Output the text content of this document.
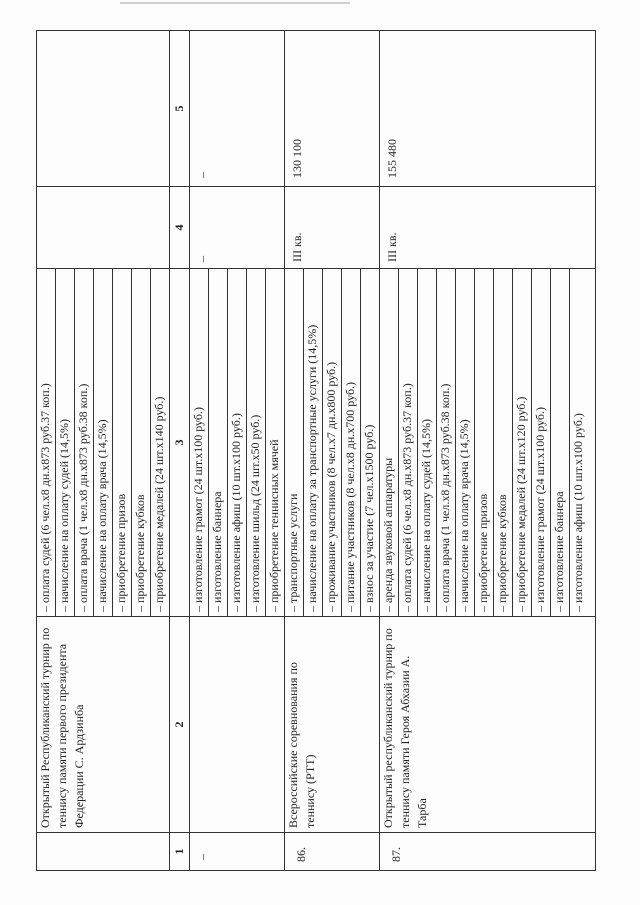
	Открытый Республиканский турнир по теннису памяти первого президента Федерации С. Ардзинба	– оплата судей (6 чел.х8 дн.х873 руб.37 коп.)		
		– начисление на оплату судей (14,5%)		
		– оплата врача (1 чел.х8 дн.х873 руб.38 коп.)		
		– начисление на оплату врача (14,5%)		
		– приобретение призов		
		– приобретение кубков		
		– приобретение медалей (24 шт.х140 руб.)		
1	2	3	4	5
–		– изготовление грамот (24 шт.х100 руб.)	–	–
		– изготовление баннера		
		– изготовление афиш (10 шт.х100 руб.)		
		– изготовление шильд (24 шт.х50 руб.)		
		– приобретение теннисных мячей		
86.	Всероссийские соревнования по теннису (РТТ)	– транспортные услуги	III кв.	130 100
		– начисление на оплату за транспортные услуги (14,5%)		
		– проживание участников (8 чел.х7 дн.х800 руб.)		
		– питание участников (8 чел.х8 дн.х700 руб.)		
		– взнос за участие (7 чел.х1500 руб.)		
87.	Открытый республиканский турнир по теннису памяти Героя Абхазии А. Тарба	– аренда звуковой аппаратуры	III кв.	155 480
		– оплата судей (6 чел.х8 дн.х873 руб.37 коп.)		
		– начисление на оплату судей (14,5%)		
		– оплата врача (1 чел.х8 дн.х873 руб.38 коп.)		
		– начисление на оплату врача (14,5%)		
		– приобретение призов		
		– приобретение кубков		
		– приобретение медалей (24 шт.х120 руб.)		
		– изготовление грамот (24 шт.х100 руб.)		
		– изготовление баннера		
		– изготовление афиш (10 шт.х100 руб.)		
